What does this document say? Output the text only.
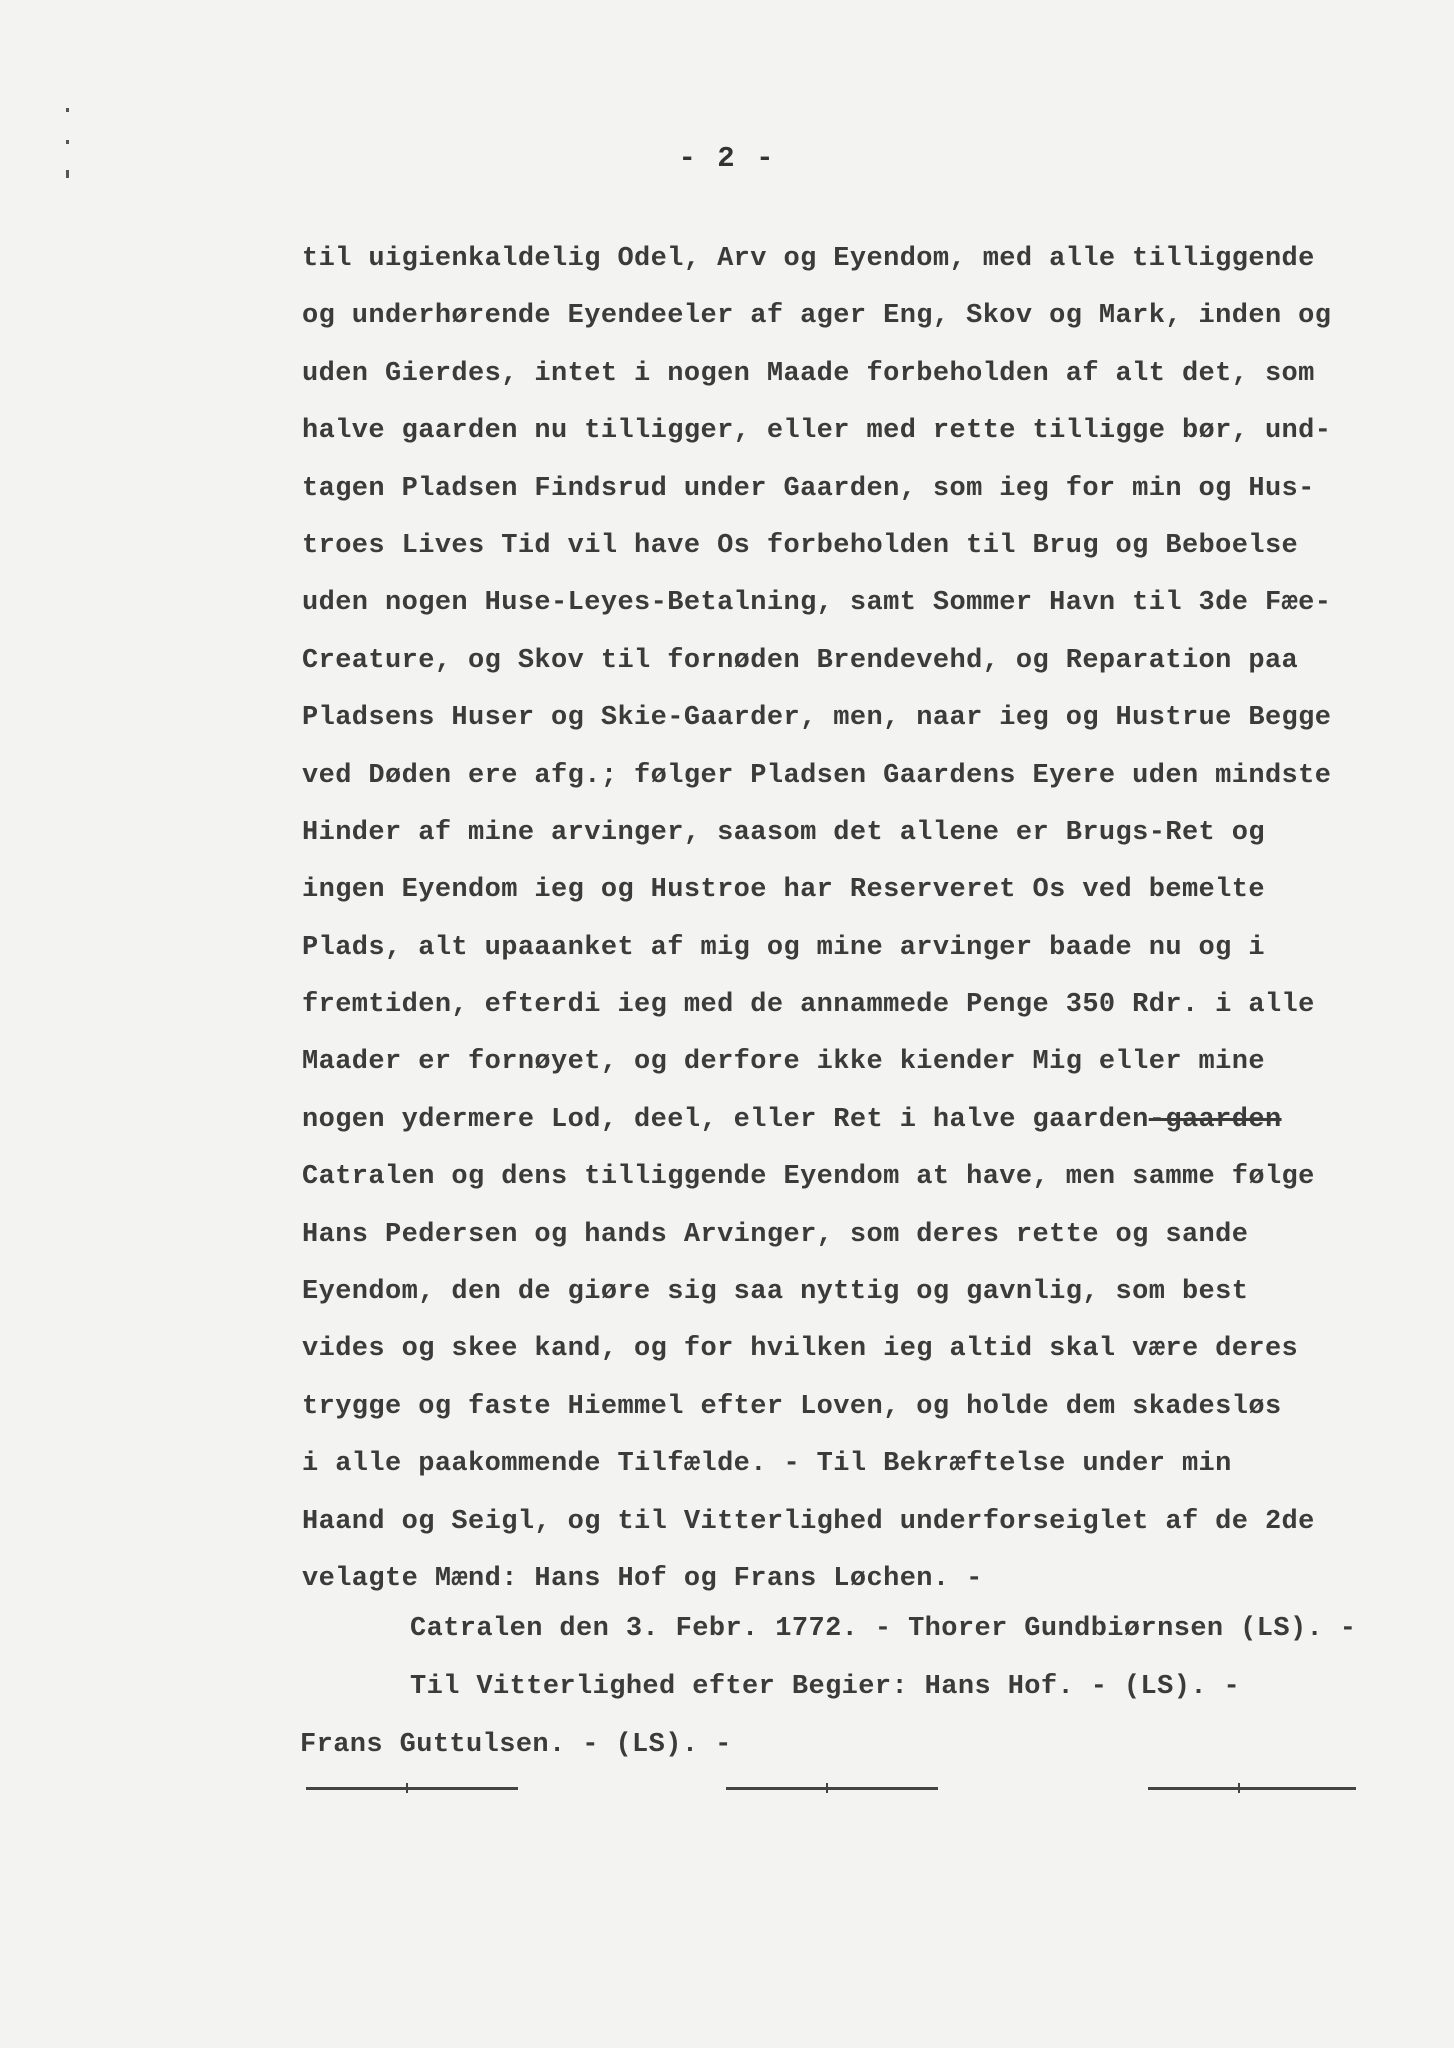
- 2 -
til uigienkaldelig Odel, Arv og Eyendom, med alle tilliggende
og underhørende Eyendeeler af ager Eng, Skov og Mark, inden og
uden Gierdes, intet i nogen Maade forbeholden af alt det, som
halve gaarden nu tilligger, eller med rette tilligge bør, und-
tagen Pladsen Findsrud under Gaarden, som ieg for min og Hus-
troes Lives Tid vil have Os forbeholden til Brug og Beboelse
uden nogen Huse-Leyes-Betalning, samt Sommer Havn til 3de Fæe-
Creature, og Skov til fornøden Brendevehd, og Reparation paa
Pladsens Huser og Skie-Gaarder, men, naar ieg og Hustrue Begge
ved Døden ere afg.; følger Pladsen Gaardens Eyere uden mindste
Hinder af mine arvinger, saasom det allene er Brugs-Ret og
ingen Eyendom ieg og Hustroe har Reserveret Os ved bemelte
Plads, alt upaaanket af mig og mine arvinger baade nu og i
fremtiden, efterdi ieg med de annammede Penge 350 Rdr. i alle
Maader er fornøyet, og derfore ikke kiender Mig eller mine
nogen ydermere Lod, deel, eller Ret i halve gaarden-gaarden
Catralen og dens tilliggende Eyendom at have, men samme følge
Hans Pedersen og hands Arvinger, som deres rette og sande
Eyendom, den de giøre sig saa nyttig og gavnlig, som best
vides og skee kand, og for hvilken ieg altid skal være deres
trygge og faste Hiemmel efter Loven, og holde dem skadesløs
i alle paakommende Tilfælde. - Til Bekræftelse under min
Haand og Seigl, og til Vitterlighed underforseiglet af de 2de
velagte Mænd: Hans Hof og Frans Løchen. -
Catralen den 3. Febr. 1772. - Thorer Gundbiørnsen (LS). -
Til Vitterlighed efter Begier: Hans Hof. - (LS). -
Frans Guttulsen. - (LS). -
